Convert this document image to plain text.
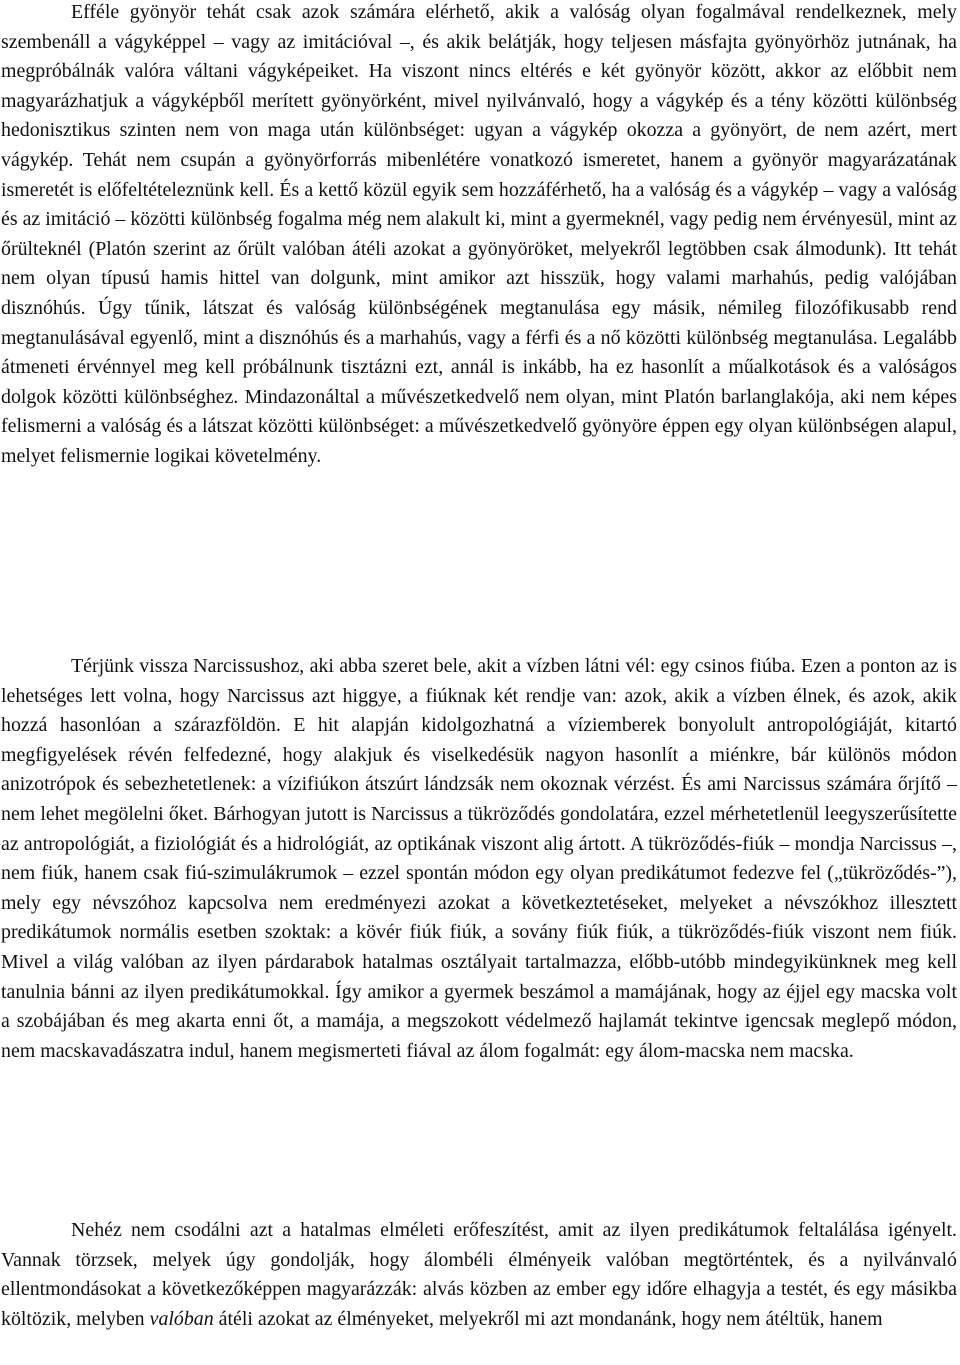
Efféle gyönyör tehát csak azok számára elérhető, akik a valóság olyan fogalmával rendelkeznek, mely szembenáll a vágyképpel – vagy az imitációval –, és akik belátják, hogy teljesen másfajta gyönyörhöz jutnának, ha megpróbálnák valóra váltani vágyképeiket. Ha viszont nincs eltérés e két gyönyör között, akkor az előbbit nem magyarázhatjuk a vágyképből merített gyönyörként, mivel nyilvánvaló, hogy a vágykép és a tény közötti különbség hedonisztikus szinten nem von maga után különbséget: ugyan a vágykép okozza a gyönyört, de nem azért, mert vágykép. Tehát nem csupán a gyönyörforrás mibenlétére vonatkozó ismeretet, hanem a gyönyör magyarázatának ismeretét is előfeltételeznünk kell. És a kettő közül egyik sem hozzáférhető, ha a valóság és a vágykép – vagy a valóság és az imitáció – közötti különbség fogalma még nem alakult ki, mint a gyermeknél, vagy pedig nem érvényesül, mint az őrülteknél (Platón szerint az őrült valóban átéli azokat a gyönyöröket, melyekről legtöbben csak álmodunk). Itt tehát nem olyan típusú hamis hittel van dolgunk, mint amikor azt hisszük, hogy valami marhahús, pedig valójában disznóhús. Úgy tűnik, látszat és valóság különbségének megtanulása egy másik, némileg filozófikusabb rend megtanulásával egyenlő, mint a disznóhús és a marhahús, vagy a férfi és a nő közötti különbség megtanulása. Legalább átmeneti érvénnyel meg kell próbálnunk tisztázni ezt, annál is inkább, ha ez hasonlít a műalkotások és a valóságos dolgok közötti különbséghez. Mindazonáltal a művészetkedvelő nem olyan, mint Platón barlanglakója, aki nem képes felismerni a valóság és a látszat közötti különbséget: a művészetkedvelő gyönyöre éppen egy olyan különbségen alapul, melyet felismernie logikai követelmény.

Térjünk vissza Narcissushoz, aki abba szeret bele, akit a vízben látni vél: egy csinos fiúba. Ezen a ponton az is lehetséges lett volna, hogy Narcissus azt higgye, a fiúknak két rendje van: azok, akik a vízben élnek, és azok, akik hozzá hasonlóan a szárazföldön. E hit alapján kidolgozhatná a víziemberek bonyolult antropológiáját, kitartó megfigyelések révén felfedezné, hogy alakjuk és viselkedésük nagyon hasonlít a miénkre, bár különös módon anizotrópok és sebezhetetlenek: a vízifiúkon átszúrt lándzsák nem okoznak vérzést. És ami Narcissus számára őrjítő – nem lehet megölelni őket. Bárhogyan jutott is Narcissus a tükröződés gondolatára, ezzel mérhetetlenül leegyszerűsítette az antropológiát, a fiziológiát és a hidrológiát, az optikának viszont alig ártott. A tükröződés-fiúk – mondja Narcissus –, nem fiúk, hanem csak fiú-szimulákrumok – ezzel spontán módon egy olyan predikátumot fedezve fel („tükröződés-”), mely egy névszóhoz kapcsolva nem eredményezi azokat a következtetéseket, melyeket a névszókhoz illesztett predikátumok normális esetben szoktak: a kövér fiúk fiúk, a sovány fiúk fiúk, a tükröződés-fiúk viszont nem fiúk. Mivel a világ valóban az ilyen párdarabok hatalmas osztályait tartalmazza, előbb-utóbb mindegyikünknek meg kell tanulnia bánni az ilyen predikátumokkal. Így amikor a gyermek beszámol a mamájának, hogy az éjjel egy macska volt a szobájában és meg akarta enni őt, a mamája, a megszokott védelmező hajlamát tekintve igencsak meglepő módon, nem macskavadászatra indul, hanem megismerteti fiával az álom fogalmát: egy álom-macska nem macska.

Nehéz nem csodálni azt a hatalmas elméleti erőfeszítést, amit az ilyen predikátumok feltalálása igényelt. Vannak törzsek, melyek úgy gondolják, hogy álombéli élményeik valóban megtörténtek, és a nyilvánvaló ellentmondásokat a következőképpen magyarázzák: alvás közben az ember egy időre elhagyja a testét, és egy másikba költözik, melyben valóban átéli azokat az élményeket, melyekről mi azt mondanánk, hogy nem átéltük, hanem
